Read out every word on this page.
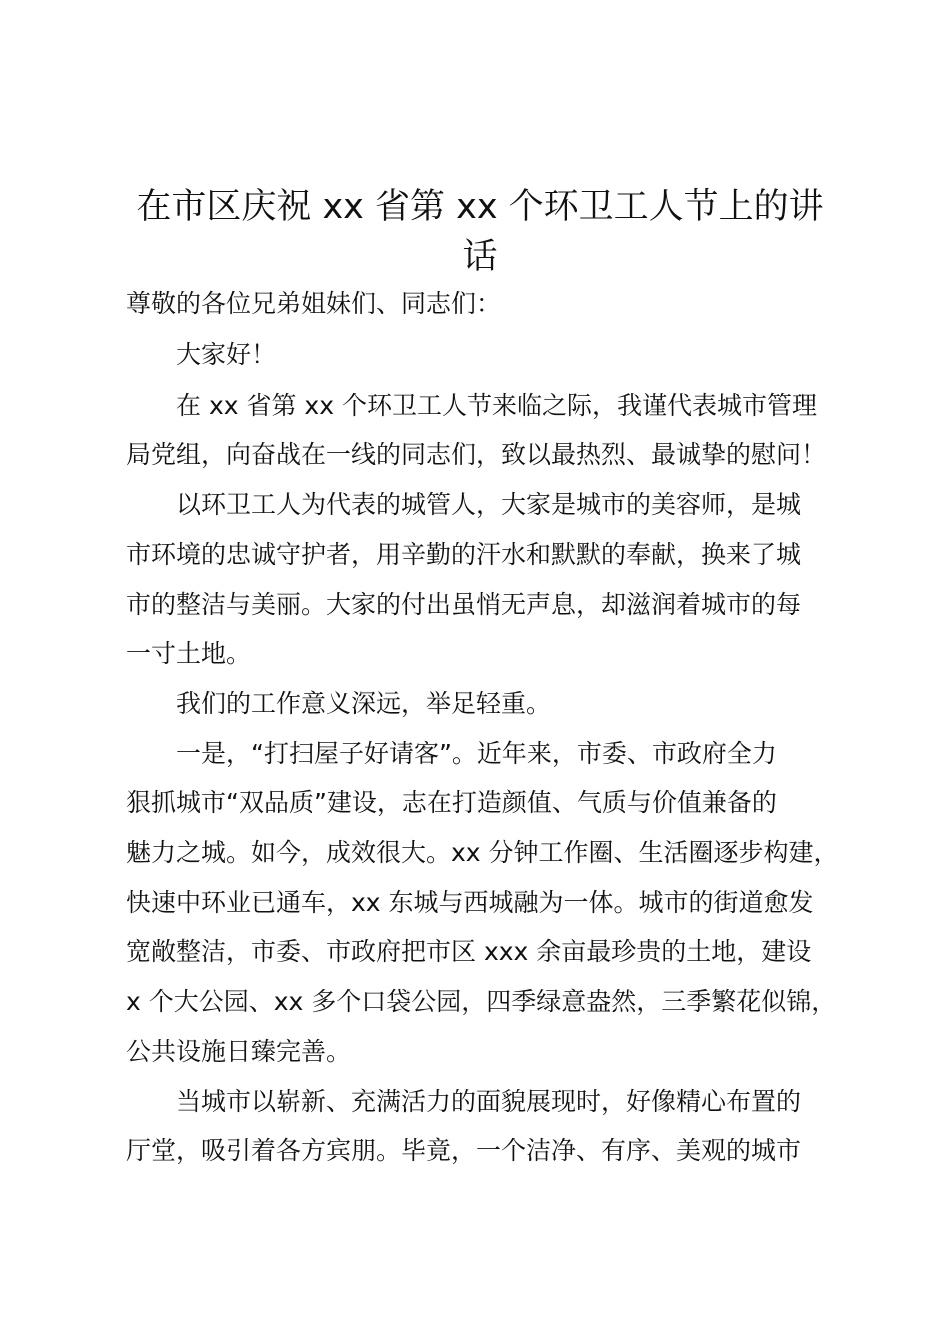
在市区庆祝 xx 省第 xx 个环卫工人节上的讲
话

尊敬的各位兄弟姐妹们、同志们：

大家好！

在 xx 省第 xx 个环卫工人节来临之际，我谨代表城市管理

局党组，向奋战在一线的同志们，致以最热烈、最诚挚的慰问！

以环卫工人为代表的城管人，大家是城市的美容师，是城

市环境的忠诚守护者，用辛勤的汗水和默默的奉献，换来了城

市的整洁与美丽。大家的付出虽悄无声息，却滋润着城市的每

一寸土地。

我们的工作意义深远，举足轻重。

一是，“打扫屋子好请客”。近年来，市委、市政府全力

狠抓城市“双品质”建设，志在打造颜值、气质与价值兼备的

魅力之城。如今，成效很大。xx 分钟工作圈、生活圈逐步构建，

快速中环业已通车，xx 东城与西城融为一体。城市的街道愈发

宽敞整洁，市委、市政府把市区 xxx 余亩最珍贵的土地，建设

x 个大公园、xx 多个口袋公园，四季绿意盎然，三季繁花似锦，

公共设施日臻完善。

当城市以崭新、充满活力的面貌展现时，好像精心布置的

厅堂，吸引着各方宾朋。毕竟，一个洁净、有序、美观的城市
